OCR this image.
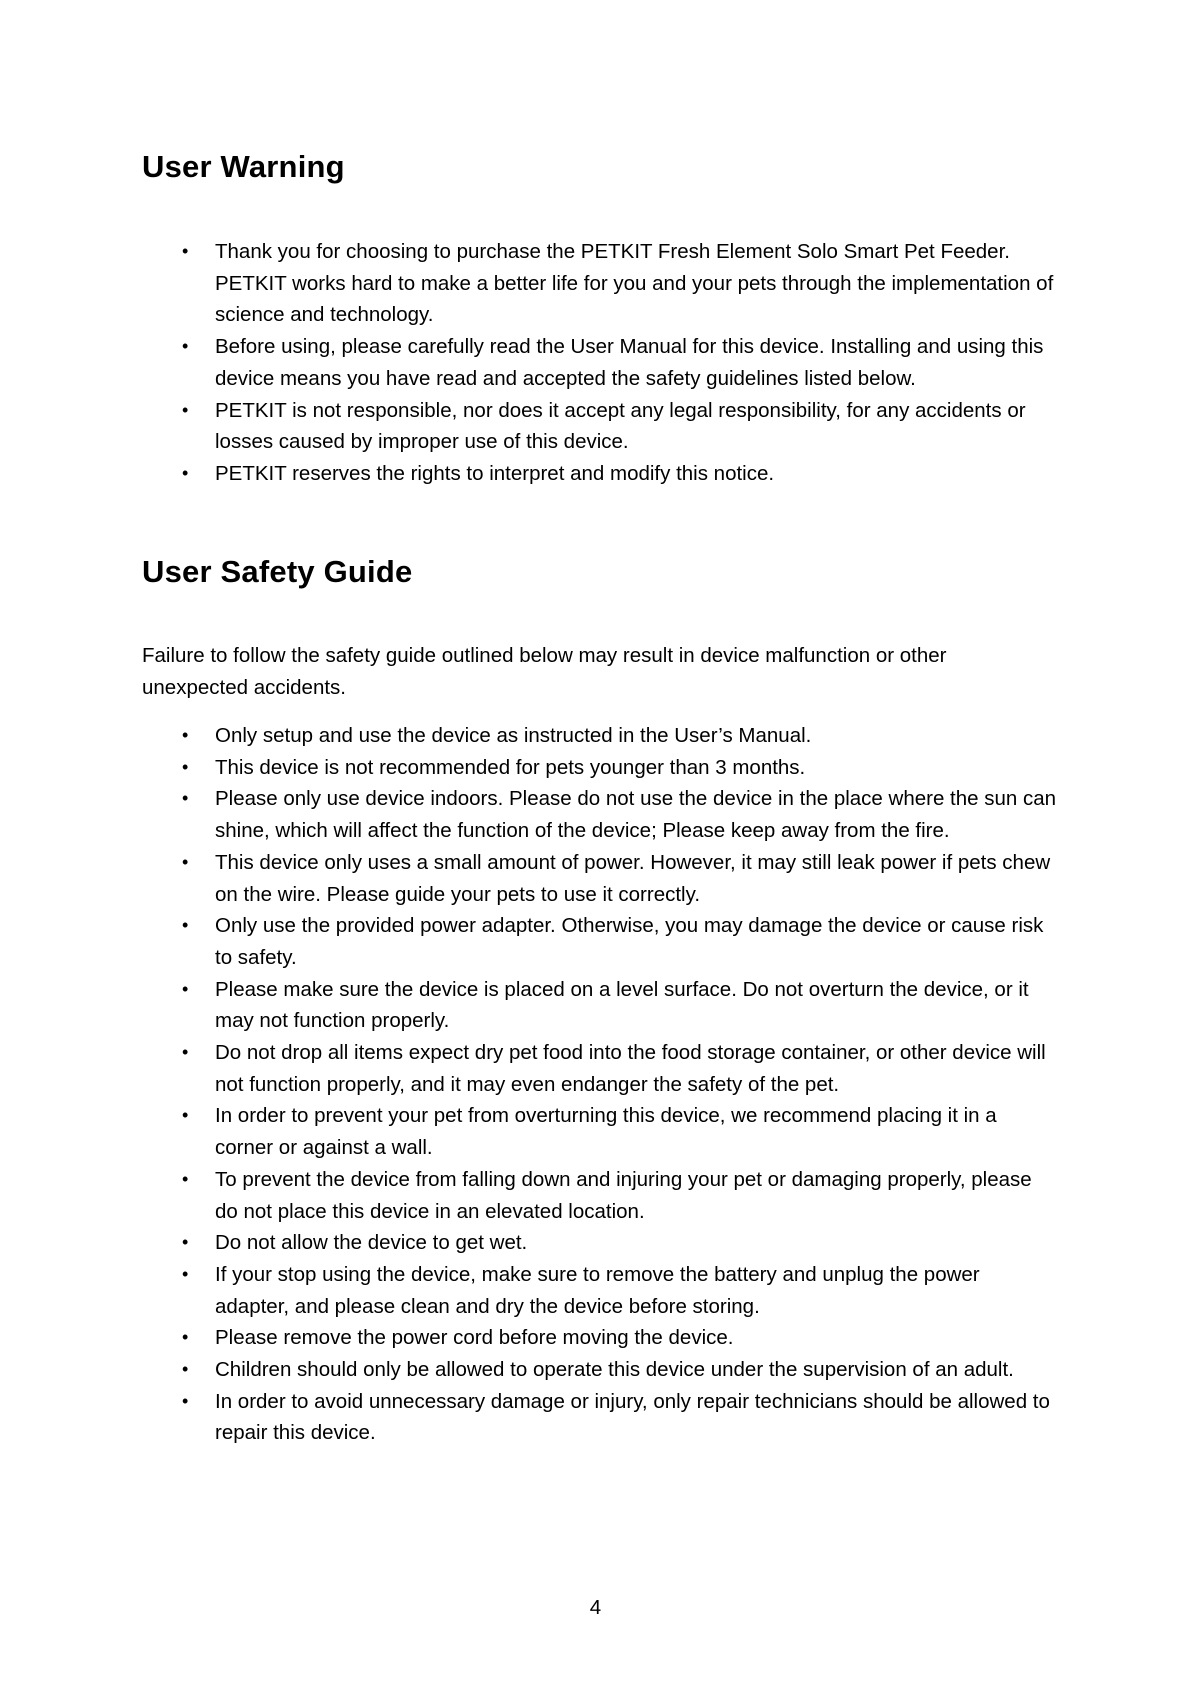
User Warning
• Thank you for choosing to purchase the PETKIT Fresh Element Solo Smart Pet Feeder. PETKIT works hard to make a better life for you and your pets through the implementation of science and technology.
• Before using, please carefully read the User Manual for this device. Installing and using this device means you have read and accepted the safety guidelines listed below.
• PETKIT is not responsible, nor does it accept any legal responsibility, for any accidents or losses caused by improper use of this device.
• PETKIT reserves the rights to interpret and modify this notice.
User Safety Guide

Failure to follow the safety guide outlined below may result in device malfunction or other unexpected accidents.

• Only setup and use the device as instructed in the User’s Manual.
• This device is not recommended for pets younger than 3 months.
• Please only use device indoors. Please do not use the device in the place where the sun can shine, which will affect the function of the device; Please keep away from the fire.
• This device only uses a small amount of power. However, it may still leak power if pets chew on the wire. Please guide your pets to use it correctly.
• Only use the provided power adapter. Otherwise, you may damage the device or cause risk to safety.
• Please make sure the device is placed on a level surface. Do not overturn the device, or it may not function properly.
• Do not drop all items expect dry pet food into the food storage container, or other device will not function properly, and it may even endanger the safety of the pet.
• In order to prevent your pet from overturning this device, we recommend placing it in a corner or against a wall.
• To prevent the device from falling down and injuring your pet or damaging properly, please do not place this device in an elevated location.
• Do not allow the device to get wet.
• If your stop using the device, make sure to remove the battery and unplug the power adapter, and please clean and dry the device before storing.
• Please remove the power cord before moving the device.
• Children should only be allowed to operate this device under the supervision of an adult.
• In order to avoid unnecessary damage or injury, only repair technicians should be allowed to repair this device.
4
